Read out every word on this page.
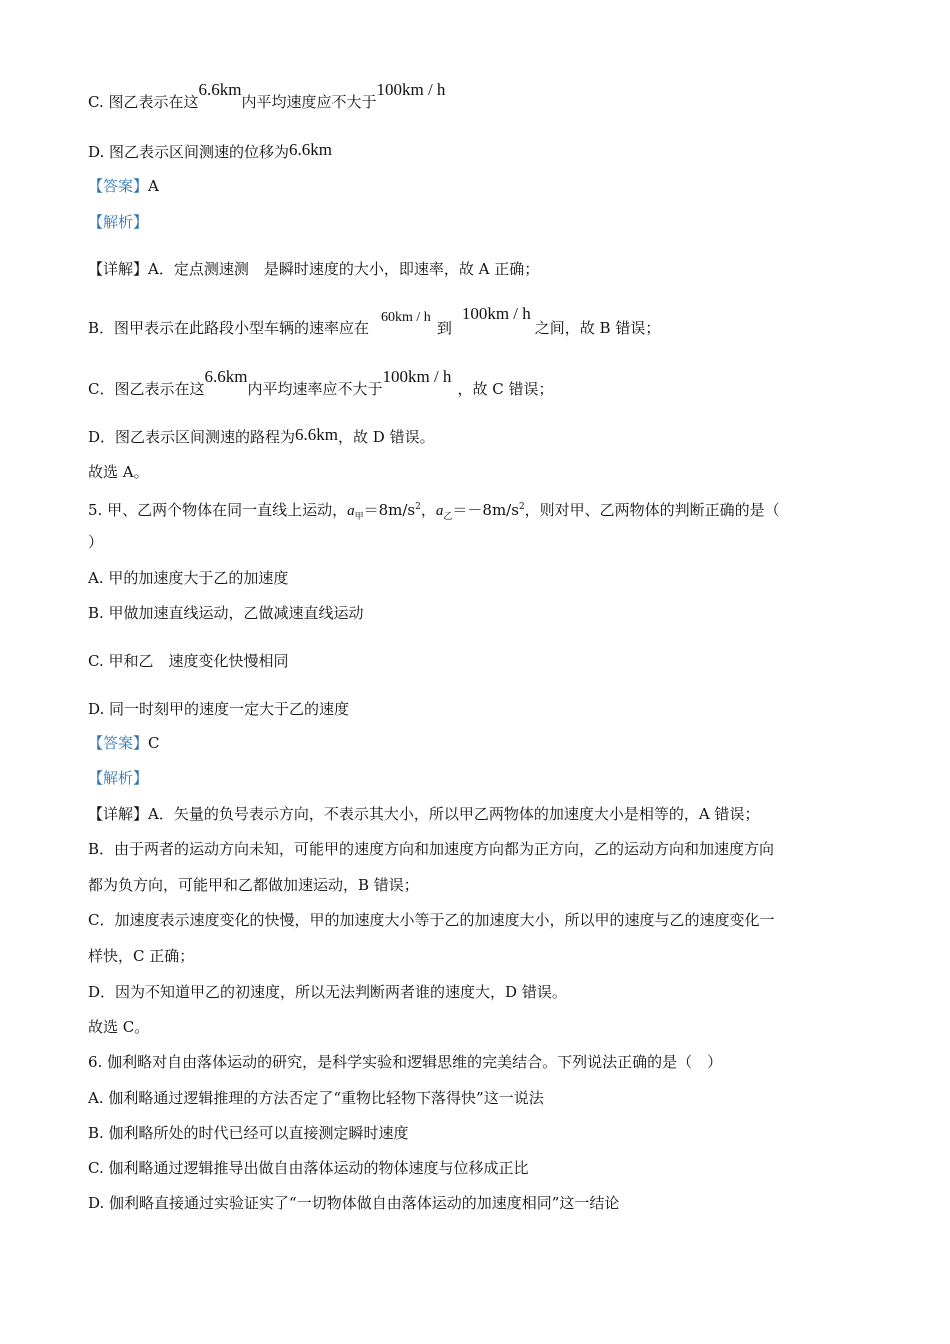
C. 图乙表示在这6.6km内平均速度应不大于100km / h
D. 图乙表示区间测速的位移为6.6km
【答案】A
【解析】
【详解】A．定点测速测　是瞬时速度的大小，即速率，故 A 正确；
B．图甲表示在此路段小型车辆的速率应在60km / h到100km / h之间，故 B 错误；
C．图乙表示在这6.6km内平均速率应不大于100km / h，故 C 错误；
D．图乙表示区间测速的路程为6.6km，故 D 错误。
故选 A。
5. 甲、乙两个物体在同一直线上运动，$a_甲=8m/s^2$，$a_乙=-8m/s^2$，则对甲、乙两物体的判断正确的是（
）
A. 甲的加速度大于乙的加速度
B. 甲做加速直线运动，乙做减速直线运动
C. 甲和乙　速度变化快慢相同
D. 同一时刻甲的速度一定大于乙的速度
【答案】C
【解析】
【详解】A．矢量的负号表示方向，不表示其大小，所以甲乙两物体的加速度大小是相等的，A 错误；
B．由于两者的运动方向未知，可能甲的速度方向和加速度方向都为正方向，乙的运动方向和加速度方向
都为负方向，可能甲和乙都做加速运动，B 错误；
C．加速度表示速度变化的快慢，甲的加速度大小等于乙的加速度大小，所以甲的速度与乙的速度变化一
样快，C 正确；
D．因为不知道甲乙的初速度，所以无法判断两者谁的速度大，D 错误。
故选 C。
6. 伽利略对自由落体运动的研究，是科学实验和逻辑思维的完美结合。下列说法正确的是（　）
A. 伽利略通过逻辑推理的方法否定了“重物比轻物下落得快”这一说法
B. 伽利略所处的时代已经可以直接测定瞬时速度
C. 伽利略通过逻辑推导出做自由落体运动的物体速度与位移成正比
D. 伽利略直接通过实验证实了“一切物体做自由落体运动的加速度相同”这一结论
